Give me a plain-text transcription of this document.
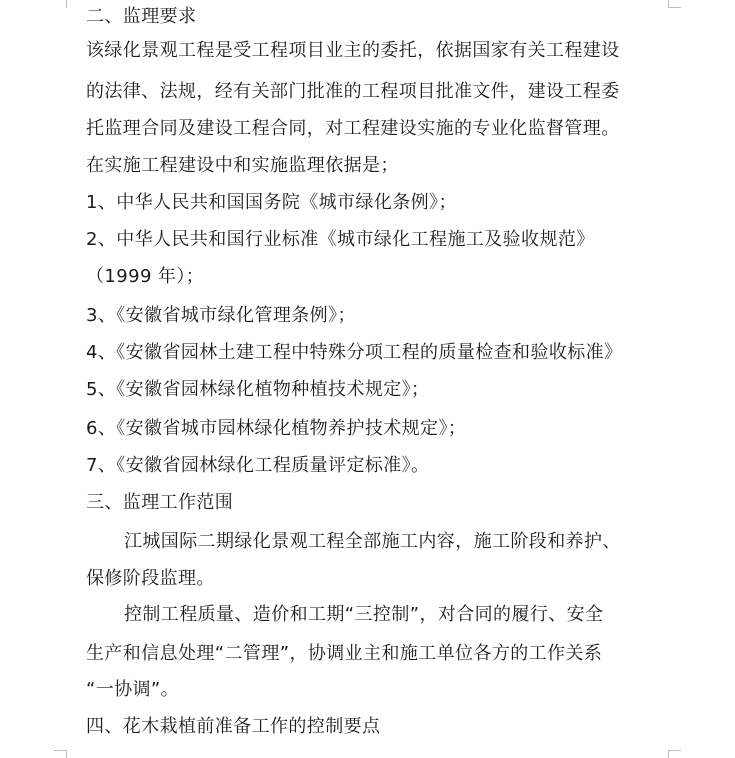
二、监理要求
该绿化景观工程是受工程项目业主的委托，依据国家有关工程建设
的法律、法规，经有关部门批准的工程项目批准文件，建设工程委
托监理合同及建设工程合同，对工程建设实施的专业化监督管理。
在实施工程建设中和实施监理依据是；
1、中华人民共和国国务院《城市绿化条例》；
2、中华人民共和国行业标准《城市绿化工程施工及验收规范》
（1999 年）；
3、《安徽省城市绿化管理条例》；
4、《安徽省园林土建工程中特殊分项工程的质量检查和验收标准》
5、《安徽省园林绿化植物种植技术规定》；
6、《安徽省城市园林绿化植物养护技术规定》；
7、《安徽省园林绿化工程质量评定标准》。
三、监理工作范围
江城国际二期绿化景观工程全部施工内容，施工阶段和养护、
保修阶段监理。
控制工程质量、造价和工期“三控制”，对合同的履行、安全
生产和信息处理“二管理”，协调业主和施工单位各方的工作关系
“一协调”。
四、花木栽植前准备工作的控制要点
